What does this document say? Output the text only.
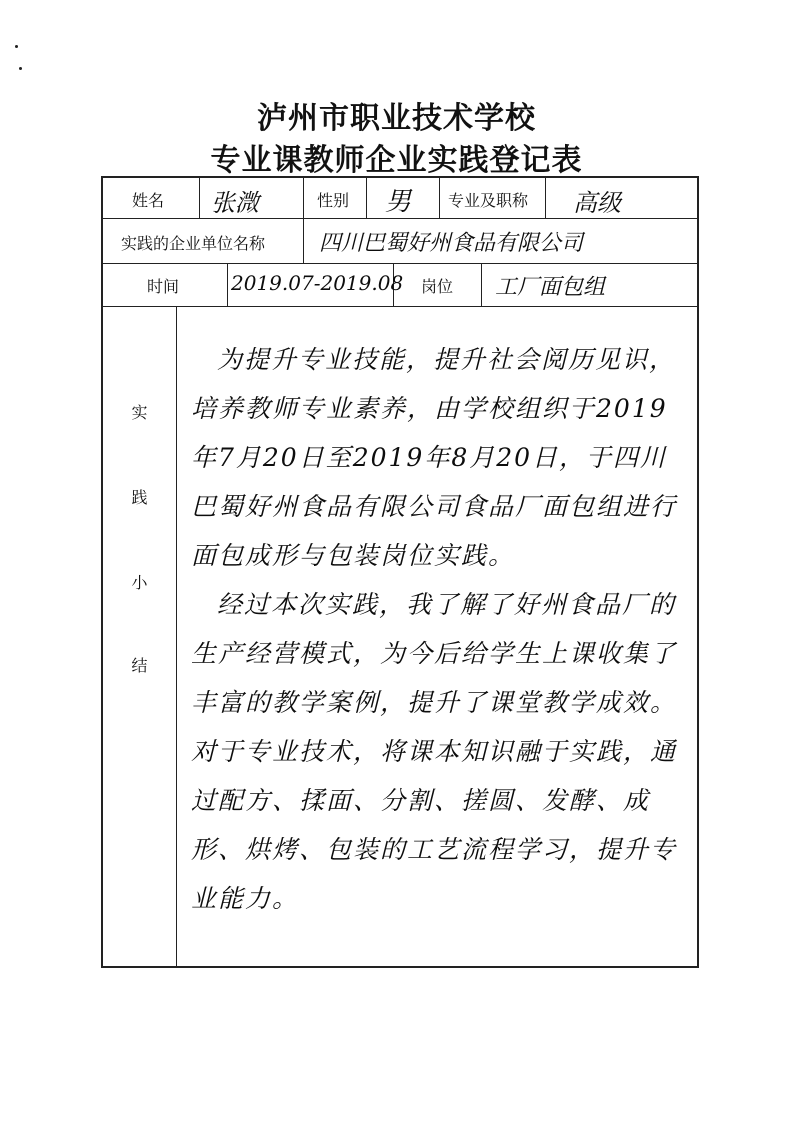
泸州市职业技术学校
专业课教师企业实践登记表
姓名 张溦	性别 男 专业及职称 高级
实践的企业单位名称 四川巴蜀好州食品有限公司
时间	2019.07-2019.08 岗位 工厂面包组
实
践
小
结

为提升专业技能，提升社会阅历见识，培养教师专业素养，由学校组织于2019年7月20日至2019年8月20日，于四川巴蜀好州食品有限公司食品厂面包组进行面包成形与包装岗位实践。

经过本次实践，我了解了好州食品厂的生产经营模式，为今后给学生上课收集了丰富的教学案例，提升了课堂教学成效。对于专业技术，将课本知识融于实践，通过配方、揉面、分割、搓圆、发酵、成形、烘烤、包装的工艺流程学习，提升专业能力。
